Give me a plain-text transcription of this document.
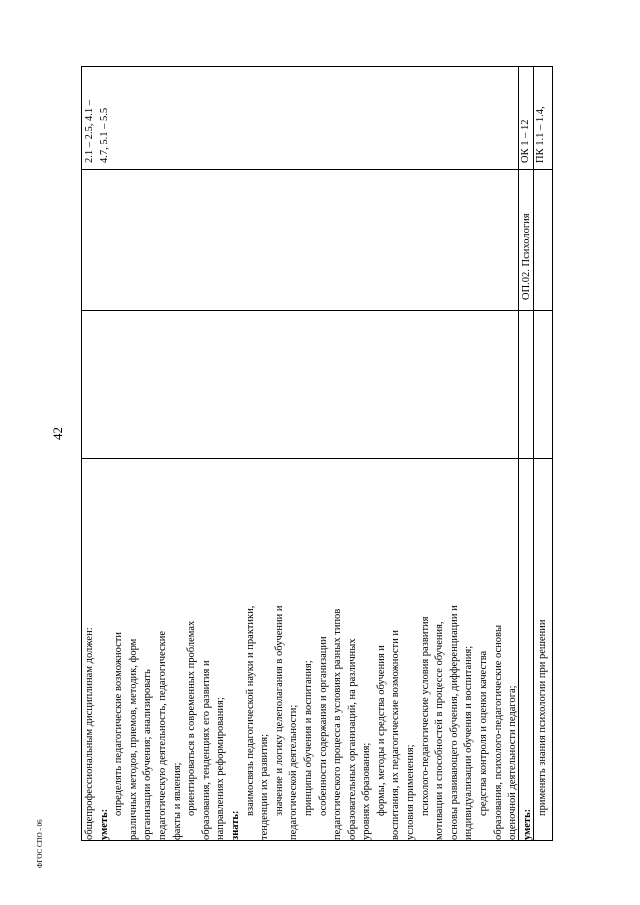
42
ФГОС СПО - 06
общепрофессиональным дисциплинам должен: уметь:
определять педагогические возможности различных методов, приемов, методик, форм организации обучения; анализировать педагогическую деятельность, педагогические факты и явления; ориентироваться в современных проблемах образования, тенденциях его развития и направлениях реформирования; знать:
взаимосвязь педагогической науки и практики, тенденции их развития; значение и логику целеполагания в обучении и педагогической деятельности; принципы обучения и воспитания; особенности содержания и организации педагогического процесса в условиях разных типов образовательных организаций, на различных уровнях образования; формы, методы и средства обучения и воспитания, их педагогические возможности и условия применения; психолого-педагогические условия развития мотивации и способностей в процессе обучения, основы развивающего обучения, дифференциации и индивидуализации обучения и воспитания; средства контроля и оценки качества образования, психолого-педагогические основы оценочной деятельности педагога; уметь:
применять знания психологии при решении
2.1 – 2.5, 4.1 – 4.7, 5.1 – 5.5	ОК 1 – 12 ПК 1.1 – 1.4,
ОП.02. Психология
